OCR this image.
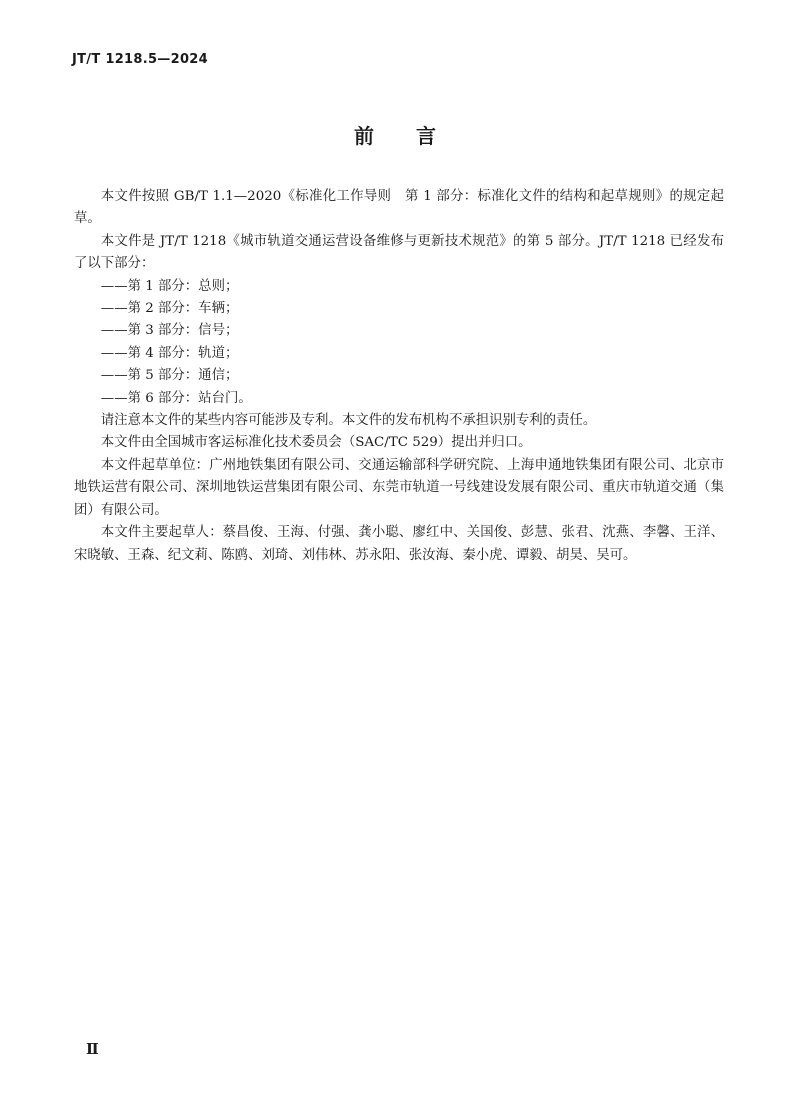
JT/T 1218.5—2024
前言

本文件按照 GB/T 1.1—2020《标准化工作导则　第 1 部分：标准化文件的结构和起草规则》的规定起草。

本文件是 JT/T 1218《城市轨道交通运营设备维修与更新技术规范》的第 5 部分。JT/T 1218 已经发布了以下部分：

——第 1 部分：总则；

——第 2 部分：车辆；

——第 3 部分：信号；

——第 4 部分：轨道；

——第 5 部分：通信；

——第 6 部分：站台门。

请注意本文件的某些内容可能涉及专利。本文件的发布机构不承担识别专利的责任。

本文件由全国城市客运标准化技术委员会（SAC/TC 529）提出并归口。

本文件起草单位：广州地铁集团有限公司、交通运输部科学研究院、上海申通地铁集团有限公司、北京市地铁运营有限公司、深圳地铁运营集团有限公司、东莞市轨道一号线建设发展有限公司、重庆市轨道交通（集团）有限公司。

本文件主要起草人：蔡昌俊、王海、付强、龚小聪、廖红中、关国俊、彭慧、张君、沈燕、李馨、王洋、宋晓敏、王森、纪文莉、陈鸥、刘琦、刘伟林、苏永阳、张汝海、秦小虎、谭毅、胡昊、吴可。

Ⅱ
